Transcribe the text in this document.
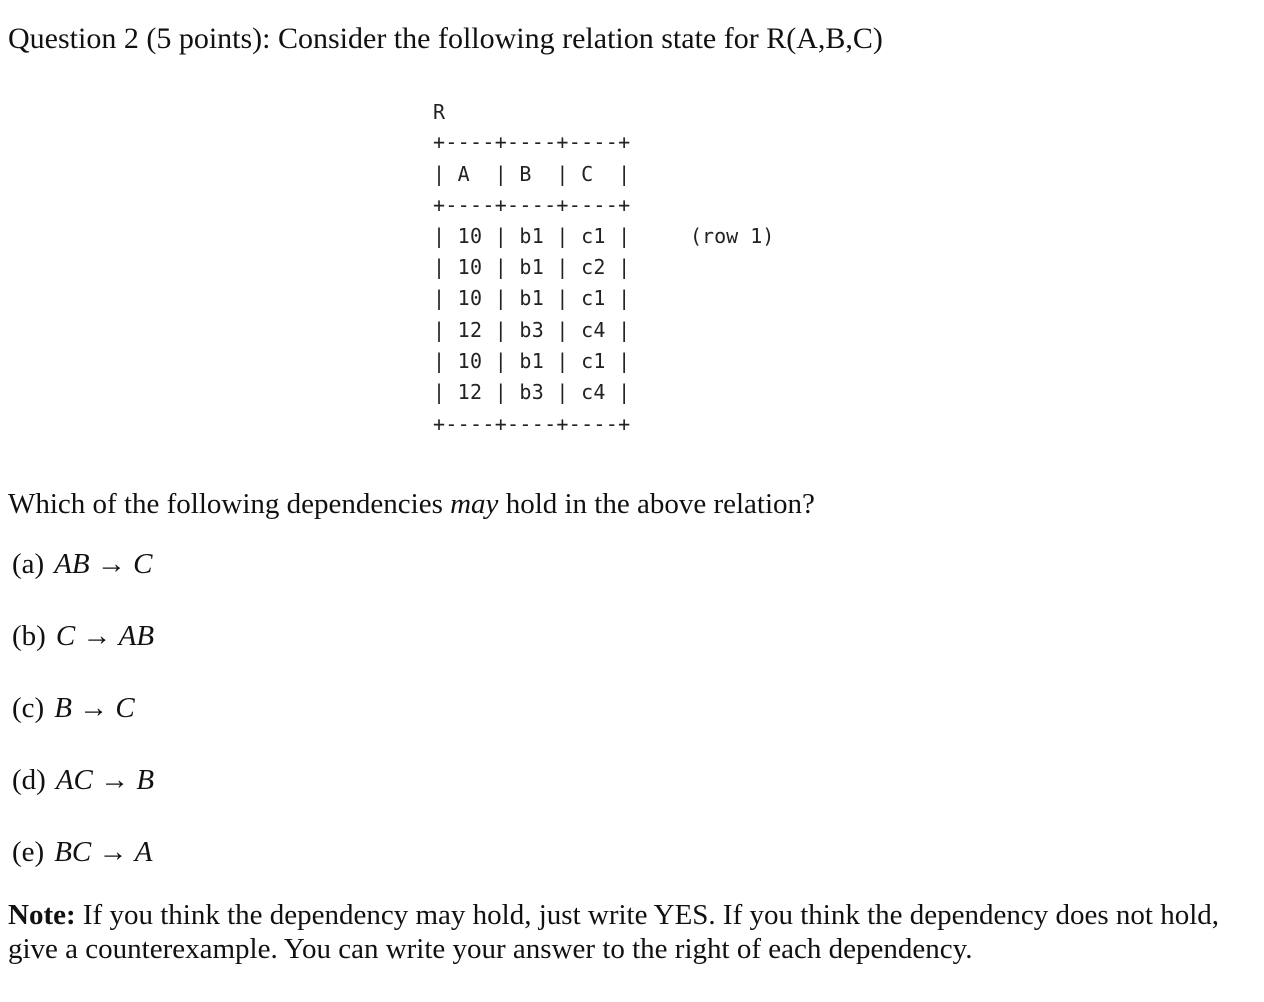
Question 2 (5 points): Consider the following relation state for R(A,B,C)
R
+----+----+----+
| A  | B  | C  |
+----+----+----+
| 10 | b1 | c1 |
| 10 | b1 | c2 |
| 10 | b1 | c1 |
| 12 | b3 | c4 |
| 10 | b1 | c1 |
| 12 | b3 | c4 |
+----+----+----+
(row 1)
Which of the following dependencies may hold in the above relation?
(a) AB → C
(b) C → AB
(c) B → C
(d) AC → B
(e) BC → A
Note: If you think the dependency may hold, just write YES. If you think the dependency does not hold, give a counterexample. You can write your answer to the right of each dependency.
